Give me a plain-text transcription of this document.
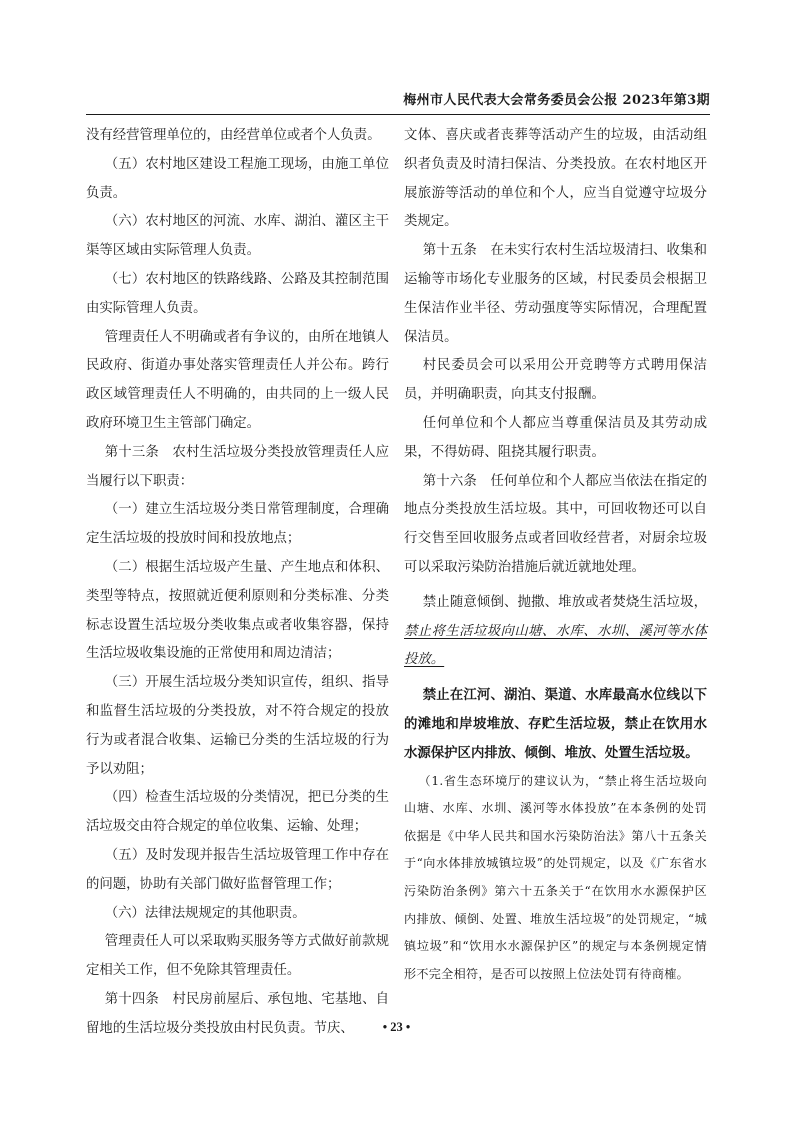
梅州市人民代表大会常务委员会公报 2023年第3期

没有经营管理单位的，由经营单位或者个人负责。

（五）农村地区建设工程施工现场，由施工单位负责。

（六）农村地区的河流、水库、湖泊、灌区主干渠等区域由实际管理人负责。

（七）农村地区的铁路线路、公路及其控制范围由实际管理人负责。

管理责任人不明确或者有争议的，由所在地镇人民政府、街道办事处落实管理责任人并公布。跨行政区域管理责任人不明确的，由共同的上一级人民政府环境卫生主管部门确定。

第十三条　农村生活垃圾分类投放管理责任人应当履行以下职责：

（一）建立生活垃圾分类日常管理制度，合理确定生活垃圾的投放时间和投放地点；

（二）根据生活垃圾产生量、产生地点和体积、类型等特点，按照就近便利原则和分类标准、分类标志设置生活垃圾分类收集点或者收集容器，保持生活垃圾收集设施的正常使用和周边清洁；

（三）开展生活垃圾分类知识宣传，组织、指导和监督生活垃圾的分类投放，对不符合规定的投放行为或者混合收集、运输已分类的生活垃圾的行为予以劝阻；

（四）检查生活垃圾的分类情况，把已分类的生活垃圾交由符合规定的单位收集、运输、处理；

（五）及时发现并报告生活垃圾管理工作中存在的问题，协助有关部门做好监督管理工作；

（六）法律法规规定的其他职责。

管理责任人可以采取购买服务等方式做好前款规定相关工作，但不免除其管理责任。

第十四条　村民房前屋后、承包地、宅基地、自留地的生活垃圾分类投放由村民负责。节庆、

文体、喜庆或者丧葬等活动产生的垃圾，由活动组织者负责及时清扫保洁、分类投放。在农村地区开展旅游等活动的单位和个人，应当自觉遵守垃圾分类规定。

第十五条　在未实行农村生活垃圾清扫、收集和运输等市场化专业服务的区域，村民委员会根据卫生保洁作业半径、劳动强度等实际情况，合理配置保洁员。

村民委员会可以采用公开竞聘等方式聘用保洁员，并明确职责，向其支付报酬。

任何单位和个人都应当尊重保洁员及其劳动成果，不得妨碍、阻挠其履行职责。

第十六条　任何单位和个人都应当依法在指定的地点分类投放生活垃圾。其中，可回收物还可以自行交售至回收服务点或者回收经营者，对厨余垃圾可以采取污染防治措施后就近就地处理。

禁止随意倾倒、抛撒、堆放或者焚烧生活垃圾，禁止将生活垃圾向山塘、水库、水圳、溪河等水体投放。

禁止在江河、湖泊、渠道、水库最高水位线以下的滩地和岸坡堆放、存贮生活垃圾，禁止在饮用水水源保护区内排放、倾倒、堆放、处置生活垃圾。

（1.省生态环境厅的建议认为，“禁止将生活垃圾向山塘、水库、水圳、溪河等水体投放”在本条例的处罚依据是《中华人民共和国水污染防治法》第八十五条关于“向水体排放城镇垃圾”的处罚规定，以及《广东省水污染防治条例》第六十五条关于“在饮用水水源保护区内排放、倾倒、处置、堆放生活垃圾”的处罚规定，“城镇垃圾”和“饮用水水源保护区”的规定与本条例规定情形不完全相符，是否可以按照上位法处罚有待商榷。

• 23 •
